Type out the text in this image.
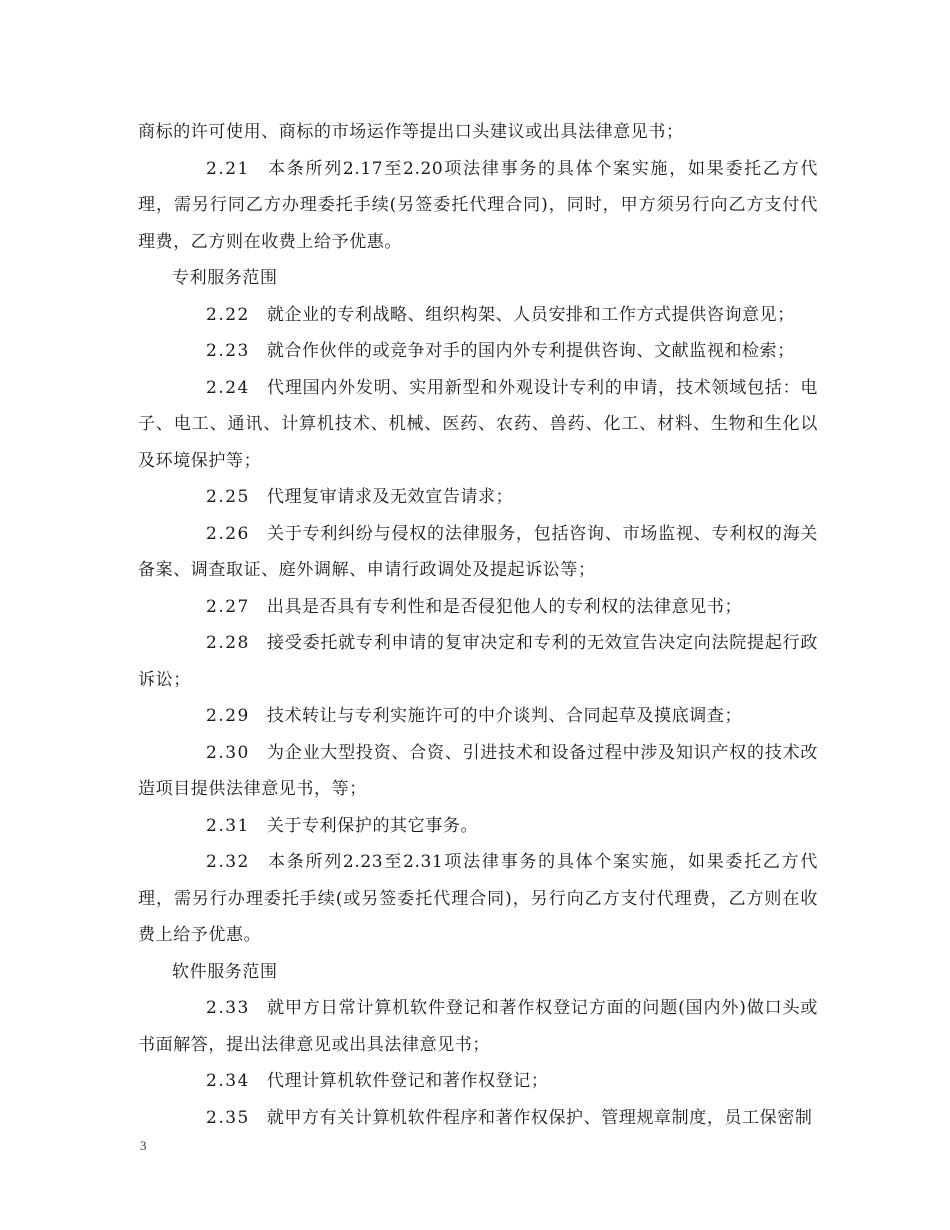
商标的许可使用、商标的市场运作等提出口头建议或出具法律意见书；

2.21 本条所列2.17至2.20项法律事务的具体个案实施，如果委托乙方代理，需另行同乙方办理委托手续(另签委托代理合同)，同时，甲方须另行向乙方支付代理费，乙方则在收费上给予优惠。

专利服务范围

2.22 就企业的专利战略、组织构架、人员安排和工作方式提供咨询意见；

2.23 就合作伙伴的或竞争对手的国内外专利提供咨询、文献监视和检索；

2.24 代理国内外发明、实用新型和外观设计专利的申请，技术领域包括：电子、电工、通讯、计算机技术、机械、医药、农药、兽药、化工、材料、生物和生化以及环境保护等；

2.25 代理复审请求及无效宣告请求；

2.26 关于专利纠纷与侵权的法律服务，包括咨询、市场监视、专利权的海关备案、调查取证、庭外调解、申请行政调处及提起诉讼等；

2.27 出具是否具有专利性和是否侵犯他人的专利权的法律意见书；

2.28 接受委托就专利申请的复审决定和专利的无效宣告决定向法院提起行政诉讼；

2.29 技术转让与专利实施许可的中介谈判、合同起草及摸底调查；

2.30 为企业大型投资、合资、引进技术和设备过程中涉及知识产权的技术改造项目提供法律意见书，等；

2.31 关于专利保护的其它事务。

2.32 本条所列2.23至2.31项法律事务的具体个案实施，如果委托乙方代理，需另行办理委托手续(或另签委托代理合同)，另行向乙方支付代理费，乙方则在收费上给予优惠。

软件服务范围

2.33 就甲方日常计算机软件登记和著作权登记方面的问题(国内外)做口头或书面解答，提出法律意见或出具法律意见书；

2.34 代理计算机软件登记和著作权登记；

2.35 就甲方有关计算机软件程序和著作权保护、管理规章制度，员工保密制

3
